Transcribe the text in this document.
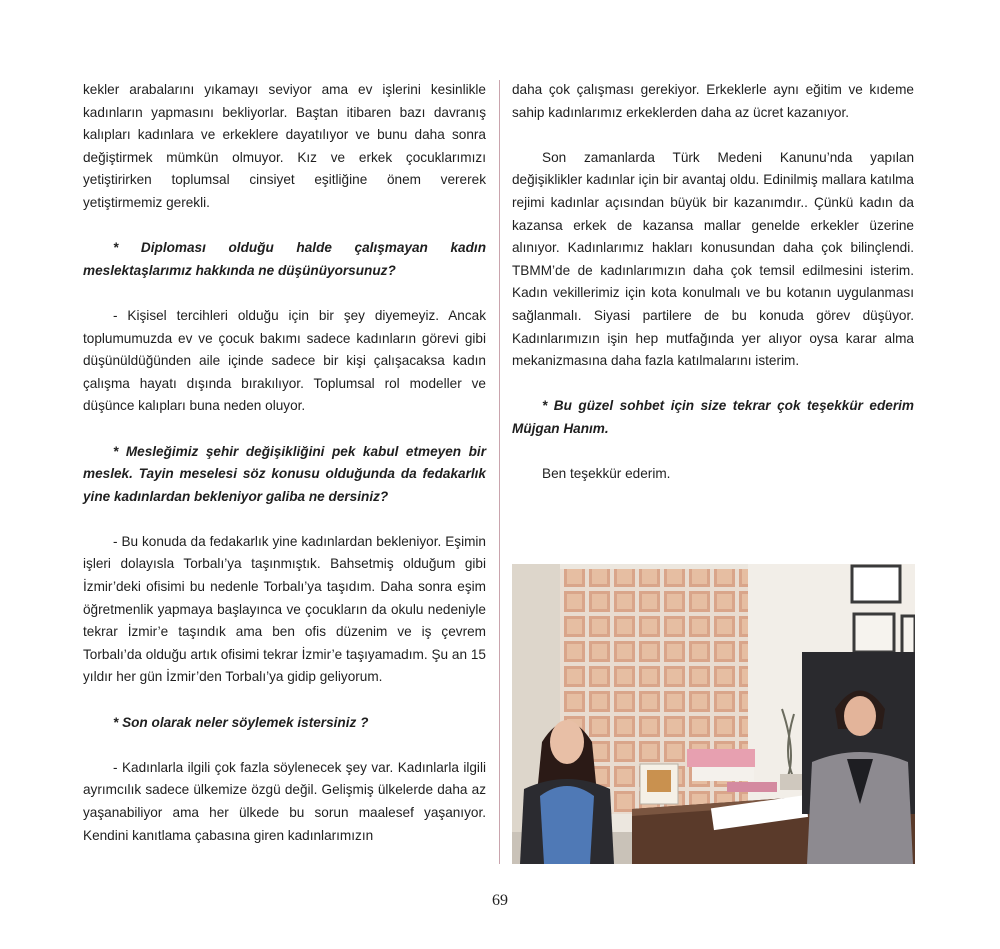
kekler arabalarını yıkamayı seviyor ama ev işlerini kesinlikle kadınların yapmasını bekliyorlar. Baştan itibaren bazı davranış kalıpları kadınlara ve erkeklere dayatılıyor ve bunu daha sonra değiştirmek mümkün olmuyor. Kız ve erkek çocuklarımızı yetiştirirken toplumsal cinsiyet eşitliğine önem vererek yetiştirmemiz gerekli.

* Diploması olduğu halde çalışmayan kadın meslektaşlarımız hakkında ne düşünüyorsunuz?

- Kişisel tercihleri olduğu için bir şey diyemeyiz. Ancak toplumumuzda ev ve çocuk bakımı sadece kadınların görevi gibi düşünüldüğünden aile içinde sadece bir kişi çalışacaksa kadın çalışma hayatı dışında bırakılıyor. Toplumsal rol modeller ve düşünce kalıpları buna neden oluyor.

* Mesleğimiz şehir değişikliğini pek kabul etmeyen bir meslek. Tayin meselesi söz konusu olduğunda da fedakarlık yine kadınlardan bekleniyor galiba ne dersiniz?

- Bu konuda da fedakarlık yine kadınlardan bekleniyor. Eşimin işleri dolayısla Torbalı’ya taşınmıştık. Bahsetmiş olduğum gibi İzmir’deki ofisimi bu nedenle Torbalı’ya taşıdım. Daha sonra eşim öğretmenlik yapmaya başlayınca ve çocukların da okulu nedeniyle tekrar İzmir’e taşındık ama ben ofis düzenim ve iş çevrem Torbalı’da olduğu artık ofisimi tekrar İzmir’e taşıyamadım. Şu an 15 yıldır her gün İzmir’den Torbalı’ya gidip geliyorum.

* Son olarak neler söylemek istersiniz ?

- Kadınlarla ilgili çok fazla söylenecek şey var. Kadınlarla ilgili ayrımcılık sadece ülkemize özgü değil. Gelişmiş ülkelerde daha az yaşanabiliyor ama her ülkede bu sorun maalesef yaşanıyor. Kendini kanıtlama çabasına giren kadınlarımızın

daha çok çalışması gerekiyor. Erkeklerle aynı eğitim ve kıdeme sahip kadınlarımız erkeklerden daha az ücret kazanıyor.

Son zamanlarda Türk Medeni Kanunu’nda yapılan değişiklikler kadınlar için bir avantaj oldu. Edinilmiş mallara katılma rejimi kadınlar açısından büyük bir kazanımdır.. Çünkü kadın da kazansa erkek de kazansa mallar genelde erkekler üzerine alınıyor. Kadınlarımız hakları konusundan daha çok bilinçlendi. TBMM’de de kadınlarımızın daha çok temsil edilmesini isterim. Kadın vekillerimiz için kota konulmalı ve bu kotanın uygulanması sağlanmalı. Siyasi partilere de bu konuda görev düşüyor. Kadınlarımızın işin hep mutfağında yer alıyor oysa karar alma mekanizmasına daha fazla katılmalarını isterim.

* Bu güzel sohbet için size tekrar çok teşekkür ederim Müjgan Hanım.

Ben teşekkür ederim.

69
